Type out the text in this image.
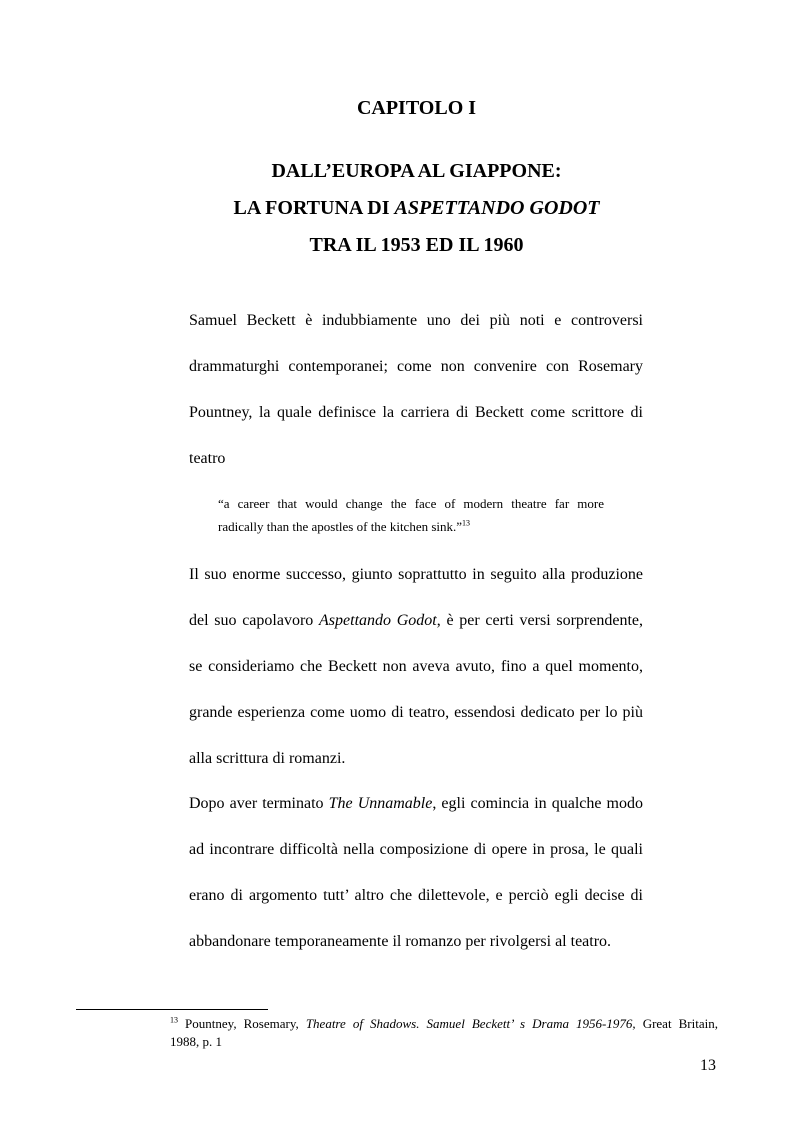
CAPITOLO I
DALL’EUROPA AL GIAPPONE:
LA FORTUNA DI ASPETTANDO GODOT
TRA IL 1953 ED IL 1960
Samuel Beckett è indubbiamente uno dei più noti e controversi
drammaturghi contemporanei; come non convenire con Rosemary
Pountney, la quale definisce la carriera di Beckett come scrittore di
teatro
“a career that would change the face of modern theatre far more
radically than the apostles of the kitchen sink.”$^{13}$
Il suo enorme successo, giunto soprattutto in seguito alla produzione
del suo capolavoro Aspettando Godot, è per certi versi sorprendente,
se consideriamo che Beckett non aveva avuto, fino a quel momento,
grande esperienza come uomo di teatro, essendosi dedicato per lo più
alla scrittura di romanzi.
Dopo aver terminato The Unnamable, egli comincia in qualche modo
ad incontrare difficoltà nella composizione di opere in prosa, le quali
erano di argomento tutt’ altro che dilettevole, e perciò egli decise di
abbandonare temporaneamente il romanzo per rivolgersi al teatro.
$^{13}$ Pountney, Rosemary, Theatre of Shadows. Samuel Beckett’ s Drama 1956-1976, Great Britain,
1988, p. 1
13
